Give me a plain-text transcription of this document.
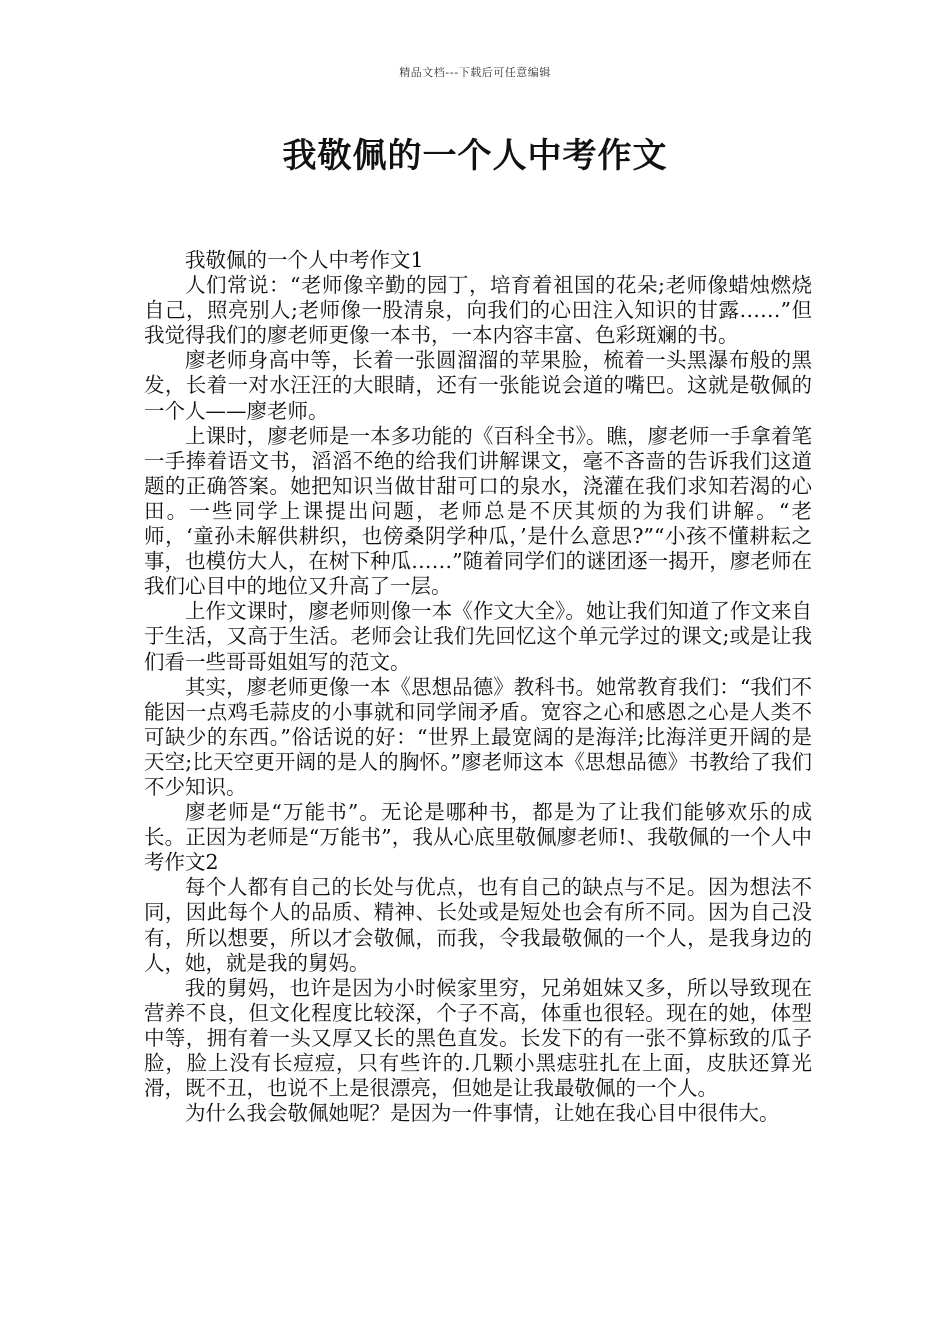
精品文档---下载后可任意编辑
我敬佩的一个人中考作文

我敬佩的一个人中考作文1

人们常说：“老师像辛勤的园丁，培育着祖国的花朵;老师像蜡烛燃烧自己，照亮别人;老师像一股清泉，向我们的心田注入知识的甘露……”但我觉得我们的廖老师更像一本书，一本内容丰富、色彩斑斓的书。

廖老师身高中等，长着一张圆溜溜的苹果脸，梳着一头黑瀑布般的黑发，长着一对水汪汪的大眼睛，还有一张能说会道的嘴巴。这就是敬佩的一个人——廖老师。

上课时，廖老师是一本多功能的《百科全书》。瞧，廖老师一手拿着笔一手捧着语文书，滔滔不绝的给我们讲解课文，毫不吝啬的告诉我们这道题的正确答案。她把知识当做甘甜可口的泉水，浇灌在我们求知若渴的心田。一些同学上课提出问题，老师总是不厌其烦的为我们讲解。“老师，‘童孙未解供耕织，也傍桑阴学种瓜，’是什么意思?”“小孩不懂耕耘之事，也模仿大人，在树下种瓜……”随着同学们的谜团逐一揭开，廖老师在我们心目中的地位又升高了一层。

上作文课时，廖老师则像一本《作文大全》。她让我们知道了作文来自于生活，又高于生活。老师会让我们先回忆这个单元学过的课文;或是让我们看一些哥哥姐姐写的范文。

其实，廖老师更像一本《思想品德》教科书。她常教育我们：“我们不能因一点鸡毛蒜皮的小事就和同学闹矛盾。宽容之心和感恩之心是人类不可缺少的东西。”俗话说的好：“世界上最宽阔的是海洋;比海洋更开阔的是天空;比天空更开阔的是人的胸怀。”廖老师这本《思想品德》书教给了我们不少知识。

廖老师是“万能书”。无论是哪种书，都是为了让我们能够欢乐的成长。正因为老师是“万能书”，我从心底里敬佩廖老师!、我敬佩的一个人中考作文2

每个人都有自己的长处与优点，也有自己的缺点与不足。因为想法不同，因此每个人的品质、精神、长处或是短处也会有所不同。因为自己没有，所以想要，所以才会敬佩，而我，令我最敬佩的一个人，是我身边的人，她，就是我的舅妈。

我的舅妈，也许是因为小时候家里穷，兄弟姐妹又多，所以导致现在营养不良，但文化程度比较深，个子不高，体重也很轻。现在的她，体型中等，拥有着一头又厚又长的黑色直发。长发下的有一张不算标致的瓜子脸，脸上没有长痘痘，只有些许的.几颗小黑痣驻扎在上面，皮肤还算光滑，既不丑，也说不上是很漂亮，但她是让我最敬佩的一个人。

为什么我会敬佩她呢？是因为一件事情，让她在我心目中很伟大。
